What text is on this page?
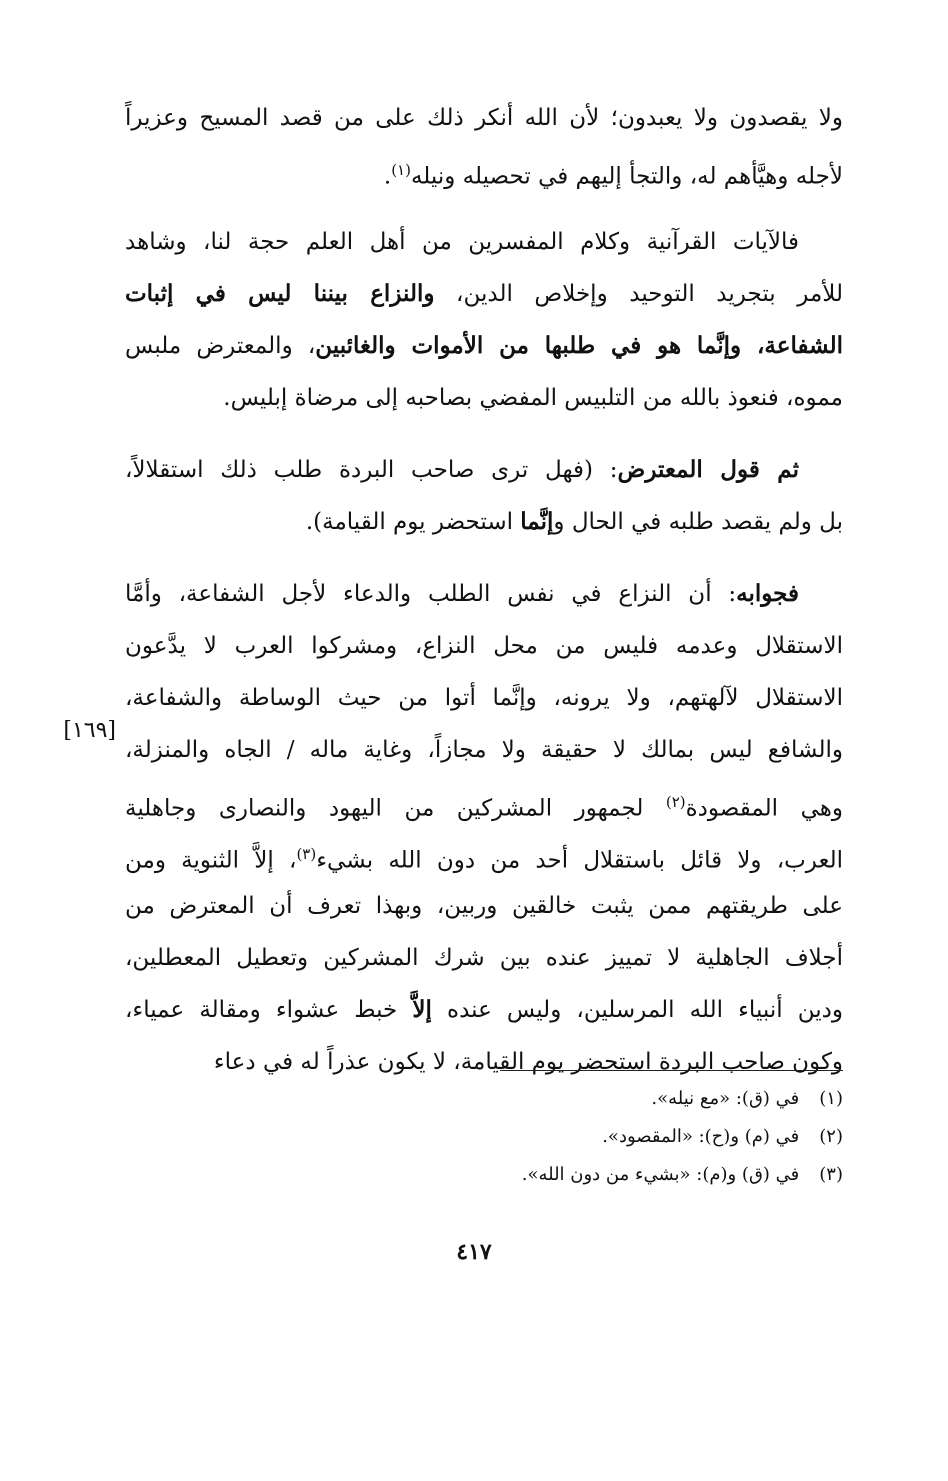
ولا يقصدون ولا يعبدون؛ لأن الله أنكر ذلك على من قصد المسيح وعزيراً
لأجله وهيَّأهم له، والتجأ إليهم في تحصيله ونيله$^{(١)}$.
فالآيات القرآنية وكلام المفسرين من أهل العلم حجة لنا، وشاهد
للأمر بتجريد التوحيد وإخلاص الدين، والنزاع بيننا ليس في إثبات
الشفاعة، وإنَّما هو في طلبها من الأموات والغائبين، والمعترض ملبس
مموه، فنعوذ بالله من التلبيس المفضي بصاحبه إلى مرضاة إبليس.
ثم قول المعترض: (فهل ترى صاحب البردة طلب ذلك استقلالاً،
بل ولم يقصد طلبه في الحال وإنَّما استحضر يوم القيامة).
فجوابه: أن النزاع في نفس الطلب والدعاء لأجل الشفاعة، وأمَّا
الاستقلال وعدمه فليس من محل النزاع، ومشركوا العرب لا يدَّعون
الاستقلال لآلهتهم، ولا يرونه، وإنَّما أتوا من حيث الوساطة والشفاعة،
والشافع ليس بمالك لا حقيقة ولا مجازاً، وغاية ماله / الجاه والمنزلة،
وهي المقصودة$^{(٢)}$ لجمهور المشركين من اليهود والنصارى وجاهلية
العرب، ولا قائل باستقلال أحد من دون الله بشيء$^{(٣)}$، إلاَّ الثنوية ومن
على طريقتهم ممن يثبت خالقين وربين، وبهذا تعرف أن المعترض من
أجلاف الجاهلية لا تمييز عنده بين شرك المشركين وتعطيل المعطلين،
ودين أنبياء الله المرسلين، وليس عنده إلاَّ خبط عشواء ومقالة عمياء،
وكون صاحب البردة استحضر يوم القيامة، لا يكون عذراً له في دعاء
[١٦٩]
(١) في (ق): «مع نيله».
(٢) في (م) و(ح): «المقصود».
(٣) في (ق) و(م): «بشيء من دون الله».
٤١٧
